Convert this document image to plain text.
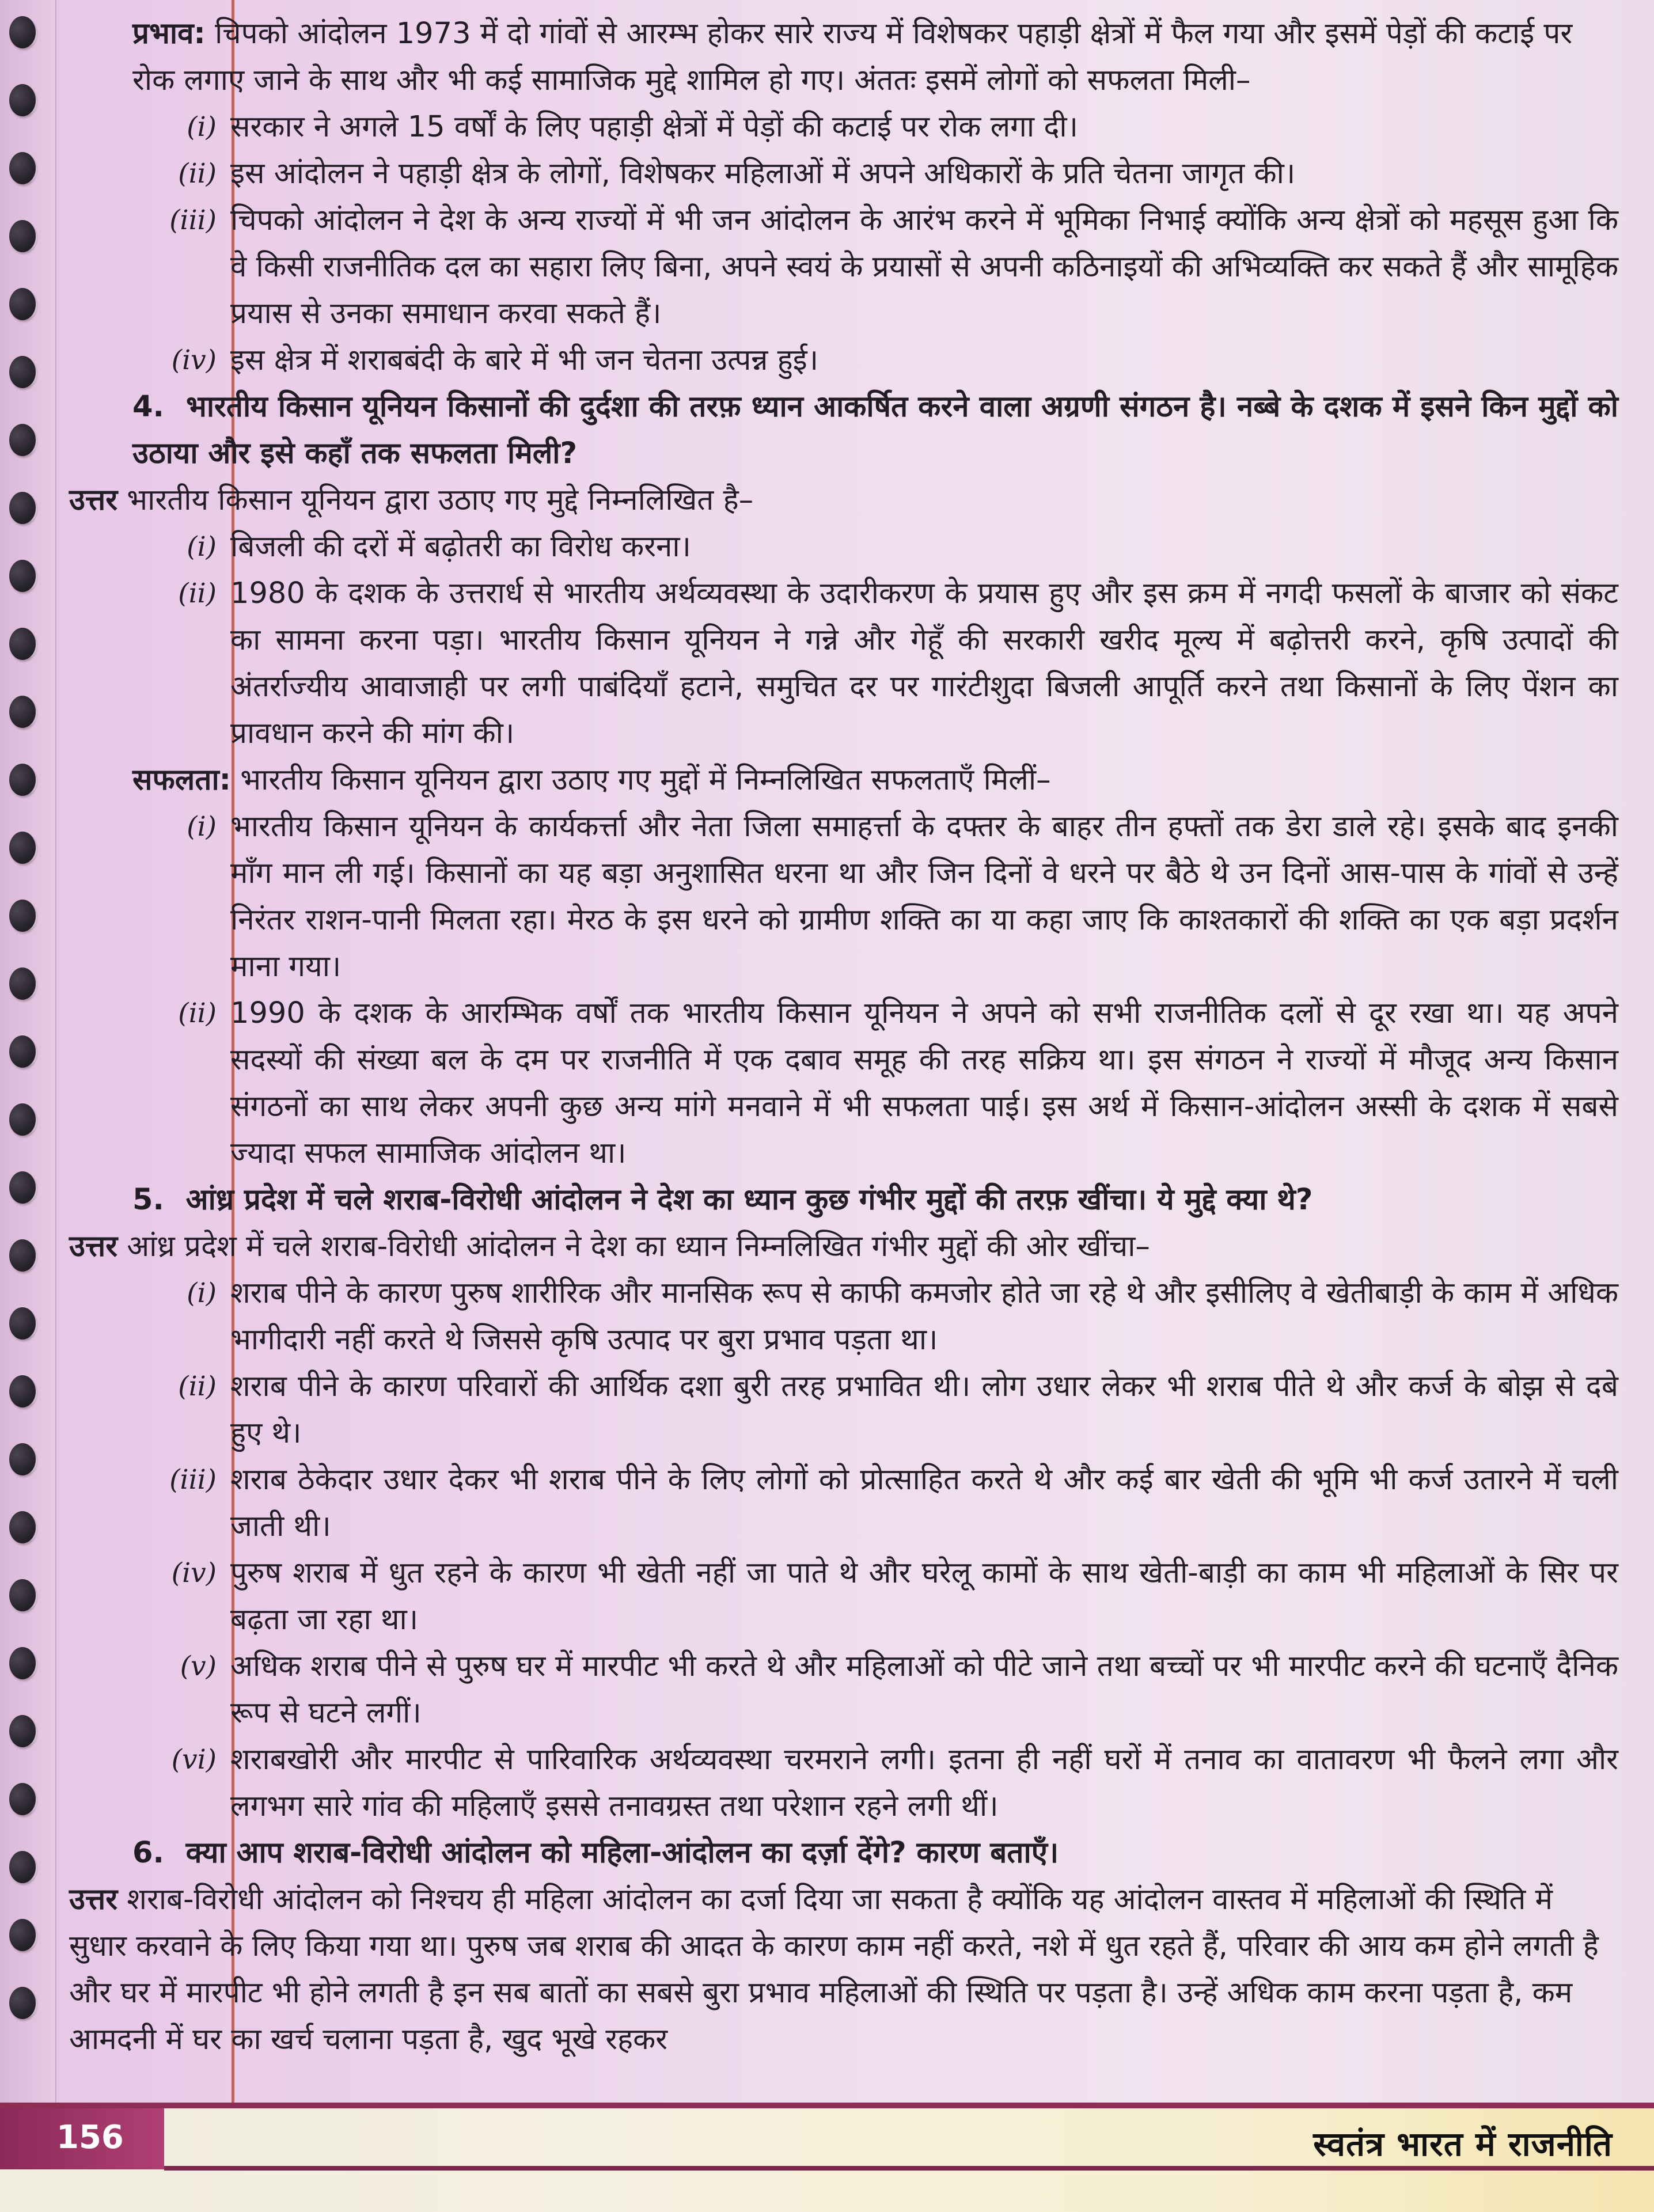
प्रभाव: चिपको आंदोलन 1973 में दो गांवों से आरम्भ होकर सारे राज्य में विशेषकर पहाड़ी क्षेत्रों में फैल गया और इसमें पेड़ों की कटाई पर रोक लगाए जाने के साथ और भी कई सामाजिक मुद्दे शामिल हो गए। अंततः इसमें लोगों को सफलता मिली–
(i) सरकार ने अगले 15 वर्षों के लिए पहाड़ी क्षेत्रों में पेड़ों की कटाई पर रोक लगा दी।
(ii) इस आंदोलन ने पहाड़ी क्षेत्र के लोगों, विशेषकर महिलाओं में अपने अधिकारों के प्रति चेतना जागृत की।
(iii) चिपको आंदोलन ने देश के अन्य राज्यों में भी जन आंदोलन के आरंभ करने में भूमिका निभाई क्योंकि अन्य क्षेत्रों को महसूस हुआ कि वे किसी राजनीतिक दल का सहारा लिए बिना, अपने स्वयं के प्रयासों से अपनी कठिनाइयों की अभिव्यक्ति कर सकते हैं और सामूहिक प्रयास से उनका समाधान करवा सकते हैं।
(iv) इस क्षेत्र में शराबबंदी के बारे में भी जन चेतना उत्पन्न हुई।
4. भारतीय किसान यूनियन किसानों की दुर्दशा की तरफ़ ध्यान आकर्षित करने वाला अग्रणी संगठन है। नब्बे के दशक में इसने किन मुद्दों को उठाया और इसे कहाँ तक सफलता मिली?
उत्तर भारतीय किसान यूनियन द्वारा उठाए गए मुद्दे निम्नलिखित है–
(i) बिजली की दरों में बढ़ोतरी का विरोध करना।
(ii) 1980 के दशक के उत्तरार्ध से भारतीय अर्थव्यवस्था के उदारीकरण के प्रयास हुए और इस क्रम में नगदी फसलों के बाजार को संकट का सामना करना पड़ा। भारतीय किसान यूनियन ने गन्ने और गेहूँ की सरकारी खरीद मूल्य में बढ़ोत्तरी करने, कृषि उत्पादों की अंतर्राज्यीय आवाजाही पर लगी पाबंदियाँ हटाने, समुचित दर पर गारंटीशुदा बिजली आपूर्ति करने तथा किसानों के लिए पेंशन का प्रावधान करने की मांग की।
सफलता: भारतीय किसान यूनियन द्वारा उठाए गए मुद्दों में निम्नलिखित सफलताएँ मिलीं–
(i) भारतीय किसान यूनियन के कार्यकर्त्ता और नेता जिला समाहर्त्ता के दफ्तर के बाहर तीन हफ्तों तक डेरा डाले रहे। इसके बाद इनकी माँग मान ली गई। किसानों का यह बड़ा अनुशासित धरना था और जिन दिनों वे धरने पर बैठे थे उन दिनों आस-पास के गांवों से उन्हें निरंतर राशन-पानी मिलता रहा। मेरठ के इस धरने को ग्रामीण शक्ति का या कहा जाए कि काश्तकारों की शक्ति का एक बड़ा प्रदर्शन माना गया।
(ii) 1990 के दशक के आरम्भिक वर्षों तक भारतीय किसान यूनियन ने अपने को सभी राजनीतिक दलों से दूर रखा था। यह अपने सदस्यों की संख्या बल के दम पर राजनीति में एक दबाव समूह की तरह सक्रिय था। इस संगठन ने राज्यों में मौजूद अन्य किसान संगठनों का साथ लेकर अपनी कुछ अन्य मांगे मनवाने में भी सफलता पाई। इस अर्थ में किसान-आंदोलन अस्सी के दशक में सबसे ज्यादा सफल सामाजिक आंदोलन था।
5. आंध्र प्रदेश में चले शराब-विरोधी आंदोलन ने देश का ध्यान कुछ गंभीर मुद्दों की तरफ़ खींचा। ये मुद्दे क्या थे?
उत्तर आंध्र प्रदेश में चले शराब-विरोधी आंदोलन ने देश का ध्यान निम्नलिखित गंभीर मुद्दों की ओर खींचा–
(i) शराब पीने के कारण पुरुष शारीरिक और मानसिक रूप से काफी कमजोर होते जा रहे थे और इसीलिए वे खेतीबाड़ी के काम में अधिक भागीदारी नहीं करते थे जिससे कृषि उत्पाद पर बुरा प्रभाव पड़ता था।
(ii) शराब पीने के कारण परिवारों की आर्थिक दशा बुरी तरह प्रभावित थी। लोग उधार लेकर भी शराब पीते थे और कर्ज के बोझ से दबे हुए थे।
(iii) शराब ठेकेदार उधार देकर भी शराब पीने के लिए लोगों को प्रोत्साहित करते थे और कई बार खेती की भूमि भी कर्ज उतारने में चली जाती थी।
(iv) पुरुष शराब में धुत रहने के कारण भी खेती नहीं जा पाते थे और घरेलू कामों के साथ खेती-बाड़ी का काम भी महिलाओं के सिर पर बढ़ता जा रहा था।
(v) अधिक शराब पीने से पुरुष घर में मारपीट भी करते थे और महिलाओं को पीटे जाने तथा बच्चों पर भी मारपीट करने की घटनाएँ दैनिक रूप से घटने लगीं।
(vi) शराबखोरी और मारपीट से पारिवारिक अर्थव्यवस्था चरमराने लगी। इतना ही नहीं घरों में तनाव का वातावरण भी फैलने लगा और लगभग सारे गांव की महिलाएँ इससे तनावग्रस्त तथा परेशान रहने लगी थीं।
6. क्या आप शराब-विरोधी आंदोलन को महिला-आंदोलन का दर्ज़ा देंगे? कारण बताएँ।
उत्तर शराब-विरोधी आंदोलन को निश्चय ही महिला आंदोलन का दर्जा दिया जा सकता है क्योंकि यह आंदोलन वास्तव में महिलाओं की स्थिति में सुधार करवाने के लिए किया गया था। पुरुष जब शराब की आदत के कारण काम नहीं करते, नशे में धुत रहते हैं, परिवार की आय कम होने लगती है और घर में मारपीट भी होने लगती है इन सब बातों का सबसे बुरा प्रभाव महिलाओं की स्थिति पर पड़ता है। उन्हें अधिक काम करना पड़ता है, कम आमदनी में घर का खर्च चलाना पड़ता है, खुद भूखे रहकर
156	स्वतंत्र भारत में राजनीति
